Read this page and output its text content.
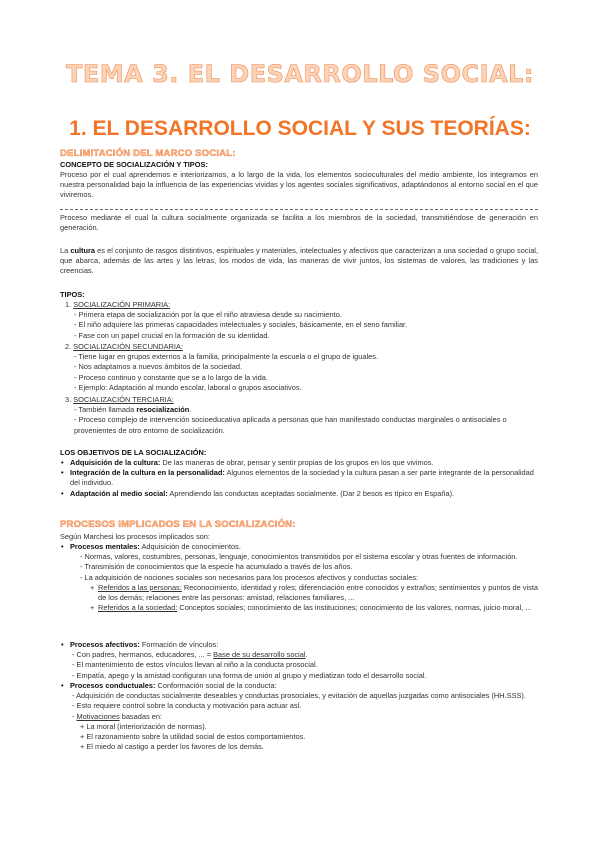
TEMA 3. EL DESARROLLO SOCIAL:
1. EL DESARROLLO SOCIAL Y SUS TEORÍAS:
DELIMITACIÓN DEL MARCO SOCIAL:
CONCEPTO DE SOCIALIZACIÓN Y TIPOS:
Proceso por el cual aprendemos e interiorizamos, a lo largo de la vida, los elementos socioculturales del medio ambiente, los integramos en nuestra personalidad bajo la influencia de las experiencias vividas y los agentes sociales significativos, adaptándonos al entorno social en el que viviremos.
Proceso mediante el cual la cultura socialmente organizada se facilita a los miembros de la sociedad, transmitiéndose de generación en generación.
La cultura es el conjunto de rasgos distintivos, espirituales y materiales, intelectuales y afectivos que caracterizan a una sociedad o grupo social, que abarca, además de las artes y las letras, los modos de vida, las maneras de vivir juntos, los sistemas de valores, las tradiciones y las creencias.
TIPOS:
1. SOCIALIZACIÓN PRIMARIA:
- Primera etapa de socialización por la que el niño atraviesa desde su nacimiento.
- El niño adquiere las primeras capacidades intelectuales y sociales, básicamente, en el seno familiar.
- Fase con un papel crucial en la formación de su identidad.
2. SOCIALIZACIÓN SECUNDARIA:
- Tiene lugar en grupos externos a la familia, principalmente la escuela o el grupo de iguales.
- Nos adaptamos a nuevos ámbitos de la sociedad.
- Proceso continuo y constante que se a lo largo de la vida.
- Ejemplo: Adaptación al mundo escolar, laboral o grupos asociativos.
3. SOCIALIZACIÓN TERCIARIA:
- También llamada resocialización.
- Proceso complejo de intervención socioeducativa aplicada a personas que han manifestado conductas marginales o antisociales o provenientes de otro entorno de socialización.
LOS OBJETIVOS DE LA SOCIALIZACIÓN:
• Adquisición de la cultura: De las maneras de obrar, pensar y sentir propias de los grupos en los que vivimos.
• Integración de la cultura en la personalidad: Algunos elementos de la sociedad y la cultura pasan a ser parte integrante de la personalidad del individuo.
• Adaptación al medio social: Aprendiendo las conductas aceptadas socialmente. (Dar 2 besos es típico en España).
PROCESOS IMPLICADOS EN LA SOCIALIZACIÓN:
Según Marchesi los procesos implicados son:
• Procesos mentales: Adquisición de conocimientos.
- Normas, valores, costumbres, personas, lenguaje, conocimientos transmitidos por el sistema escolar y otras fuentes de información.
- Transmisión de conocimientos que la especie ha acumulado a través de los años.
- La adquisición de nociones sociales son necesarios para los procesos afectivos y conductas sociales:
+ Referidos a las personas: Reconocimiento, identidad y roles; diferenciación entre conocidos y extraños; sentimientos y puntos de vista de los demás; relaciones entre las personas: amistad, relaciones familiares, ...
+ Referidos a la sociedad: Conceptos sociales; conocimiento de las instituciones; conocimiento de los valores, normas, juicio moral, ...
• Procesos afectivos: Formación de vínculos:
- Con padres, hermanos, educadores, ... = Base de su desarrollo social.
- El mantenimiento de estos vínculos llevan al niño a la conducta prosocial.
- Empatía, apego y la amistad configuran una forma de unión al grupo y mediatizan todo el desarrollo social.
• Procesos conductuales: Conformación social de la conducta:
- Adquisición de conductas socialmente deseables y conductas prosociales, y evitación de aquellas juzgadas como antisociales (HH.SSS).
- Esto requiere control sobre la conducta y motivación para actuar así.
- Motivaciones basadas en:
+ La moral (interiorización de normas).
+ El razonamiento sobre la utilidad social de estos comportamientos.
+ El miedo al castigo a perder los favores de los demás.
